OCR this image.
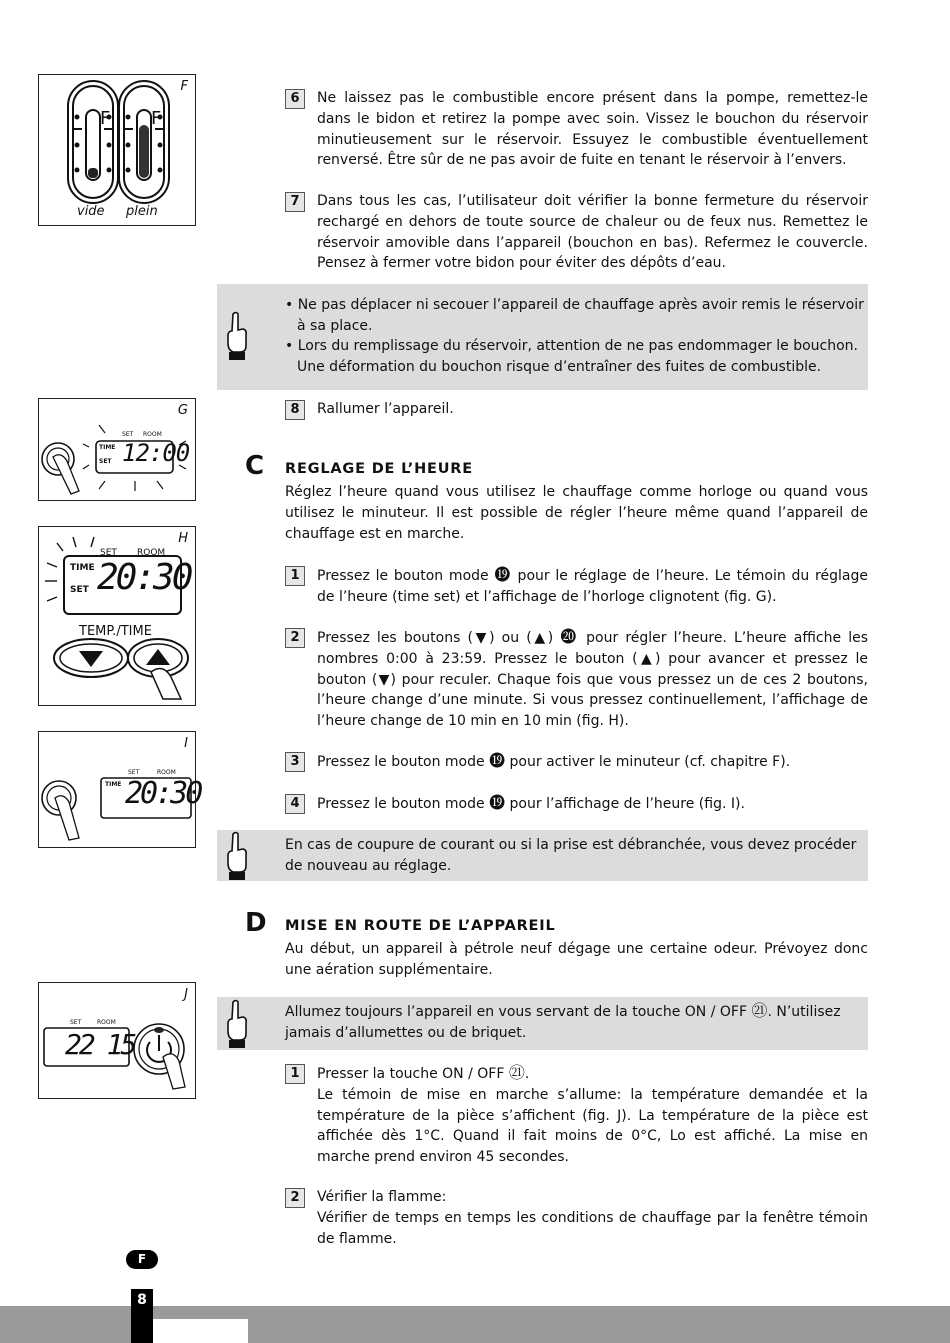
F
F F
vide plein
G
SET ROOM
TIME
SET 12:00
H
SET ROOM
TIME
SET 20:30
TEMP./TIME
I
SET	ROOM
TIME 20:30
J
SET	ROOM
22 15
6	Ne laissez pas le combustible encore présent dans la pompe, remettez-le dans le bidon et retirez la pompe avec soin. Vissez le bouchon du réservoir minutieusement sur le réservoir. Essuyez le combustible éventuellement renversé. Être sûr de ne pas avoir de fuite en tenant le réservoir à l’envers.
7	Dans tous les cas, l’utilisateur doit vérifier la bonne fermeture du réservoir rechargé en dehors de toute source de chaleur ou de feux nus. Remettez le réservoir amovible dans l’appareil (bouchon en bas). Refermez le couvercle. Pensez à fermer votre bidon pour éviter des dépôts d’eau.
• Ne pas déplacer ni secouer l’appareil de chauffage après avoir remis le réservoir à sa place.
• Lors du remplissage du réservoir, attention de ne pas endommager le bouchon. Une déformation du bouchon risque d’entraîner des fuites de combustible.
8	Rallumer l’appareil.
C REGLAGE DE L’HEURE
Réglez l’heure quand vous utilisez le chauffage comme horloge ou quand vous utilisez le minuteur. Il est possible de régler l’heure même quand l’appareil de chauffage est en marche.
1	Pressez le bouton mode ⓳ pour le réglage de l’heure. Le témoin du réglage de l’heure (time set) et l’affichage de l’horloge clignotent (fig. G).
2	Pressez les boutons (▼) ou (▲) ⓴ pour régler l’heure. L’heure affiche les nombres 0:00 à 23:59. Pressez le bouton (▲) pour avancer et pressez le bouton (▼) pour reculer. Chaque fois que vous pressez un de ces 2 boutons, l’heure change d’une minute. Si vous pressez continuellement, l’affichage de l’heure change de 10 min en 10 min (fig. H).
3	Pressez le bouton mode ⓳ pour activer le minuteur (cf. chapitre F).
4	Pressez le bouton mode ⓳ pour l’affichage de l’heure (fig. I).
En cas de coupure de courant ou si la prise est débranchée, vous devez procéder de nouveau au réglage.
D MISE EN ROUTE DE L’APPAREIL
Au début, un appareil à pétrole neuf dégage une certaine odeur. Prévoyez donc une aération supplémentaire.
Allumez toujours l’appareil en vous servant de la touche ON / OFF ㉑. N’utilisez jamais d’allumettes ou de briquet.
1	Presser la touche ON / OFF ㉑.
Le témoin de mise en marche s’allume: la température demandée et la température de la pièce s’affichent (fig. J). La température de la pièce est affichée dès 1°C. Quand il fait moins de 0°C, Lo est affiché. La mise en marche prend environ 45 secondes.
2	Vérifier la flamme:
Vérifier de temps en temps les conditions de chauffage par la fenêtre témoin de flamme.
F
8
